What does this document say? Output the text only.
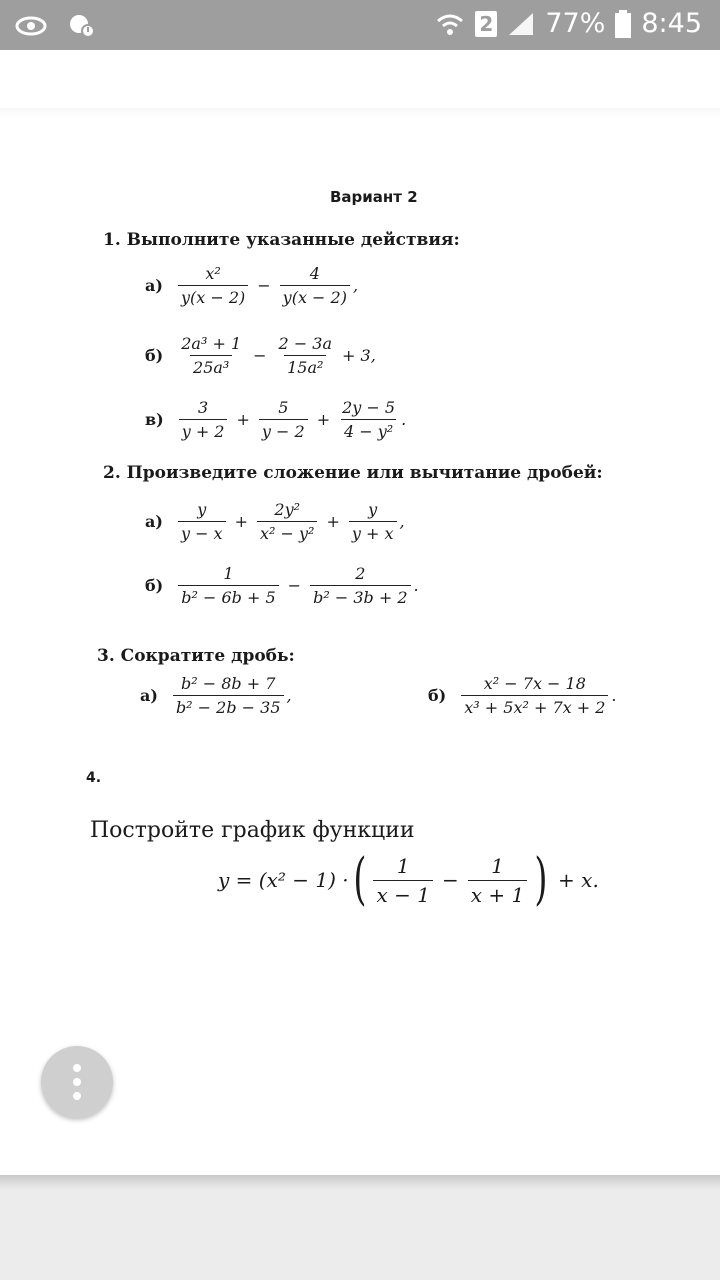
2 77% 8:45
Вариант 2
1. Выполните указанные действия:
$а) \frac{\text{x²}}{y(x - 2)} - \frac{4}{y(x - 2)}$ ,
$б) \frac{\text{2a³ + 1}}{\text{25a³}} - \frac{2 - 3a}{\text{15a²}} + 3$,
$в) \frac{3}{y + 2} + \frac{5}{y - 2} + \frac{2y - 5}{\text{4 − y²}}$ .
2. Произведите сложение или вычитание дробей:
$а) \frac{y}{y - x} + \frac{\text{2y²}}{\text{x² − y²}} + \frac{y}{y + x}$ ,
$б) \frac{1}{\text{b² − 6b + 5}} - \frac{2}{\text{b² − 3b + 2}}$ .
3. Сократите дробь:
$а) \frac{\text{b² − 8b + 7}}{\text{b² − 2b − 35}}$ ,	$б) \frac{\text{x² − 7x − 18}}{\text{x³ + 5x² + 7x + 2}}$ .
4.
Постройте график функции
y = (x² − 1) · ( $\frac{1}{x - 1} - \frac{1}{x + 1}$ ) + x.
